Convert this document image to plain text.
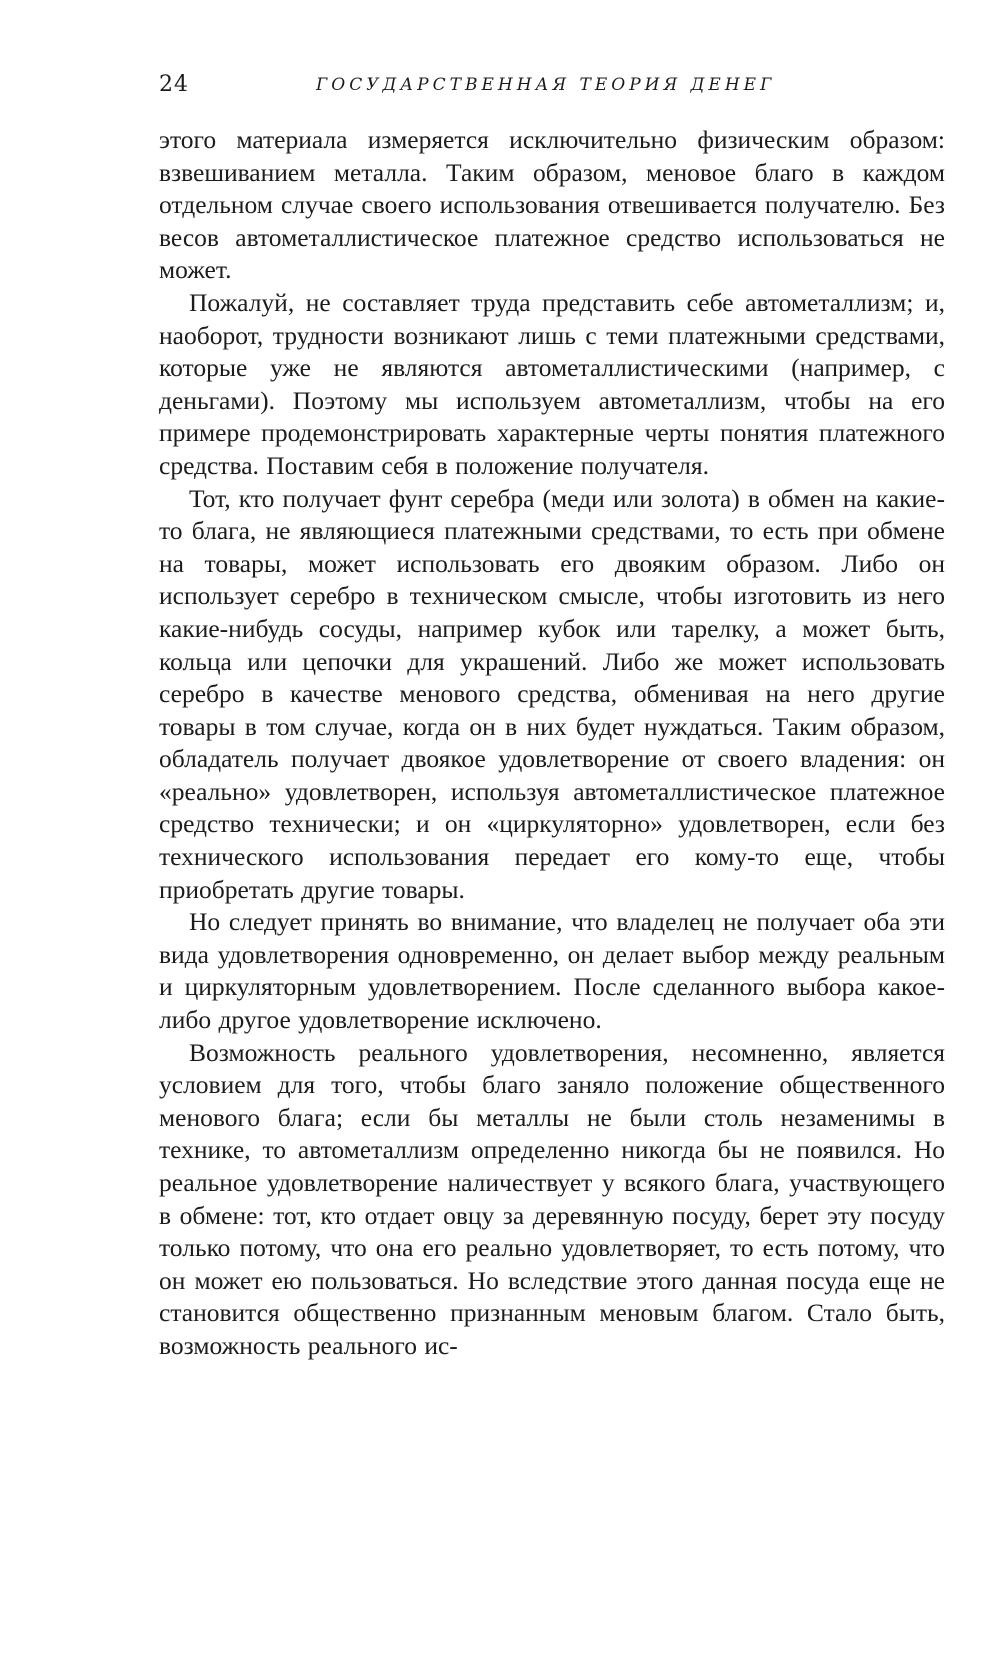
24	ГОСУДАРСТВЕННАЯ ТЕОРИЯ ДЕНЕГ

этого материала измеряется исключительно физическим образом: взвешиванием металла. Таким образом, меновое благо в каждом отдельном случае своего использования отвешивается получателю. Без весов автометаллистическое платежное средство использоваться не может.

Пожалуй, не составляет труда представить себе автометаллизм; и, наоборот, трудности возникают лишь с теми платежными средствами, которые уже не являются автометаллистическими (например, с деньгами). Поэтому мы используем автометаллизм, чтобы на его примере продемонстрировать характерные черты понятия платежного средства. Поставим себя в положение получателя.

Тот, кто получает фунт серебра (меди или золота) в обмен на какие-то блага, не являющиеся платежными средствами, то есть при обмене на товары, может использовать его двояким образом. Либо он использует серебро в техническом смысле, чтобы изготовить из него какие-нибудь сосуды, например кубок или тарелку, а может быть, кольца или цепочки для украшений. Либо же может использовать серебро в качестве менового средства, обменивая на него другие товары в том случае, когда он в них будет нуждаться. Таким образом, обладатель получает двоякое удовлетворение от своего владения: он «реально» удовлетворен, используя автометаллистическое платежное средство технически; и он «циркуляторно» удовлетворен, если без технического использования передает его кому-то еще, чтобы приобретать другие товары.

Но следует принять во внимание, что владелец не получает оба эти вида удовлетворения одновременно, он делает выбор между реальным и циркуляторным удовлетворением. После сделанного выбора какое-либо другое удовлетворение исключено.

Возможность реального удовлетворения, несомненно, является условием для того, чтобы благо заняло положение общественного менового блага; если бы металлы не были столь незаменимы в технике, то автометаллизм определенно никогда бы не появился. Но реальное удовлетворение наличествует у всякого блага, участвующего в обмене: тот, кто отдает овцу за деревянную посуду, берет эту посуду только потому, что она его реально удовлетворяет, то есть потому, что он может ею пользоваться. Но вследствие этого данная посуда еще не становится общественно признанным меновым благом. Стало быть, возможность реального ис-
